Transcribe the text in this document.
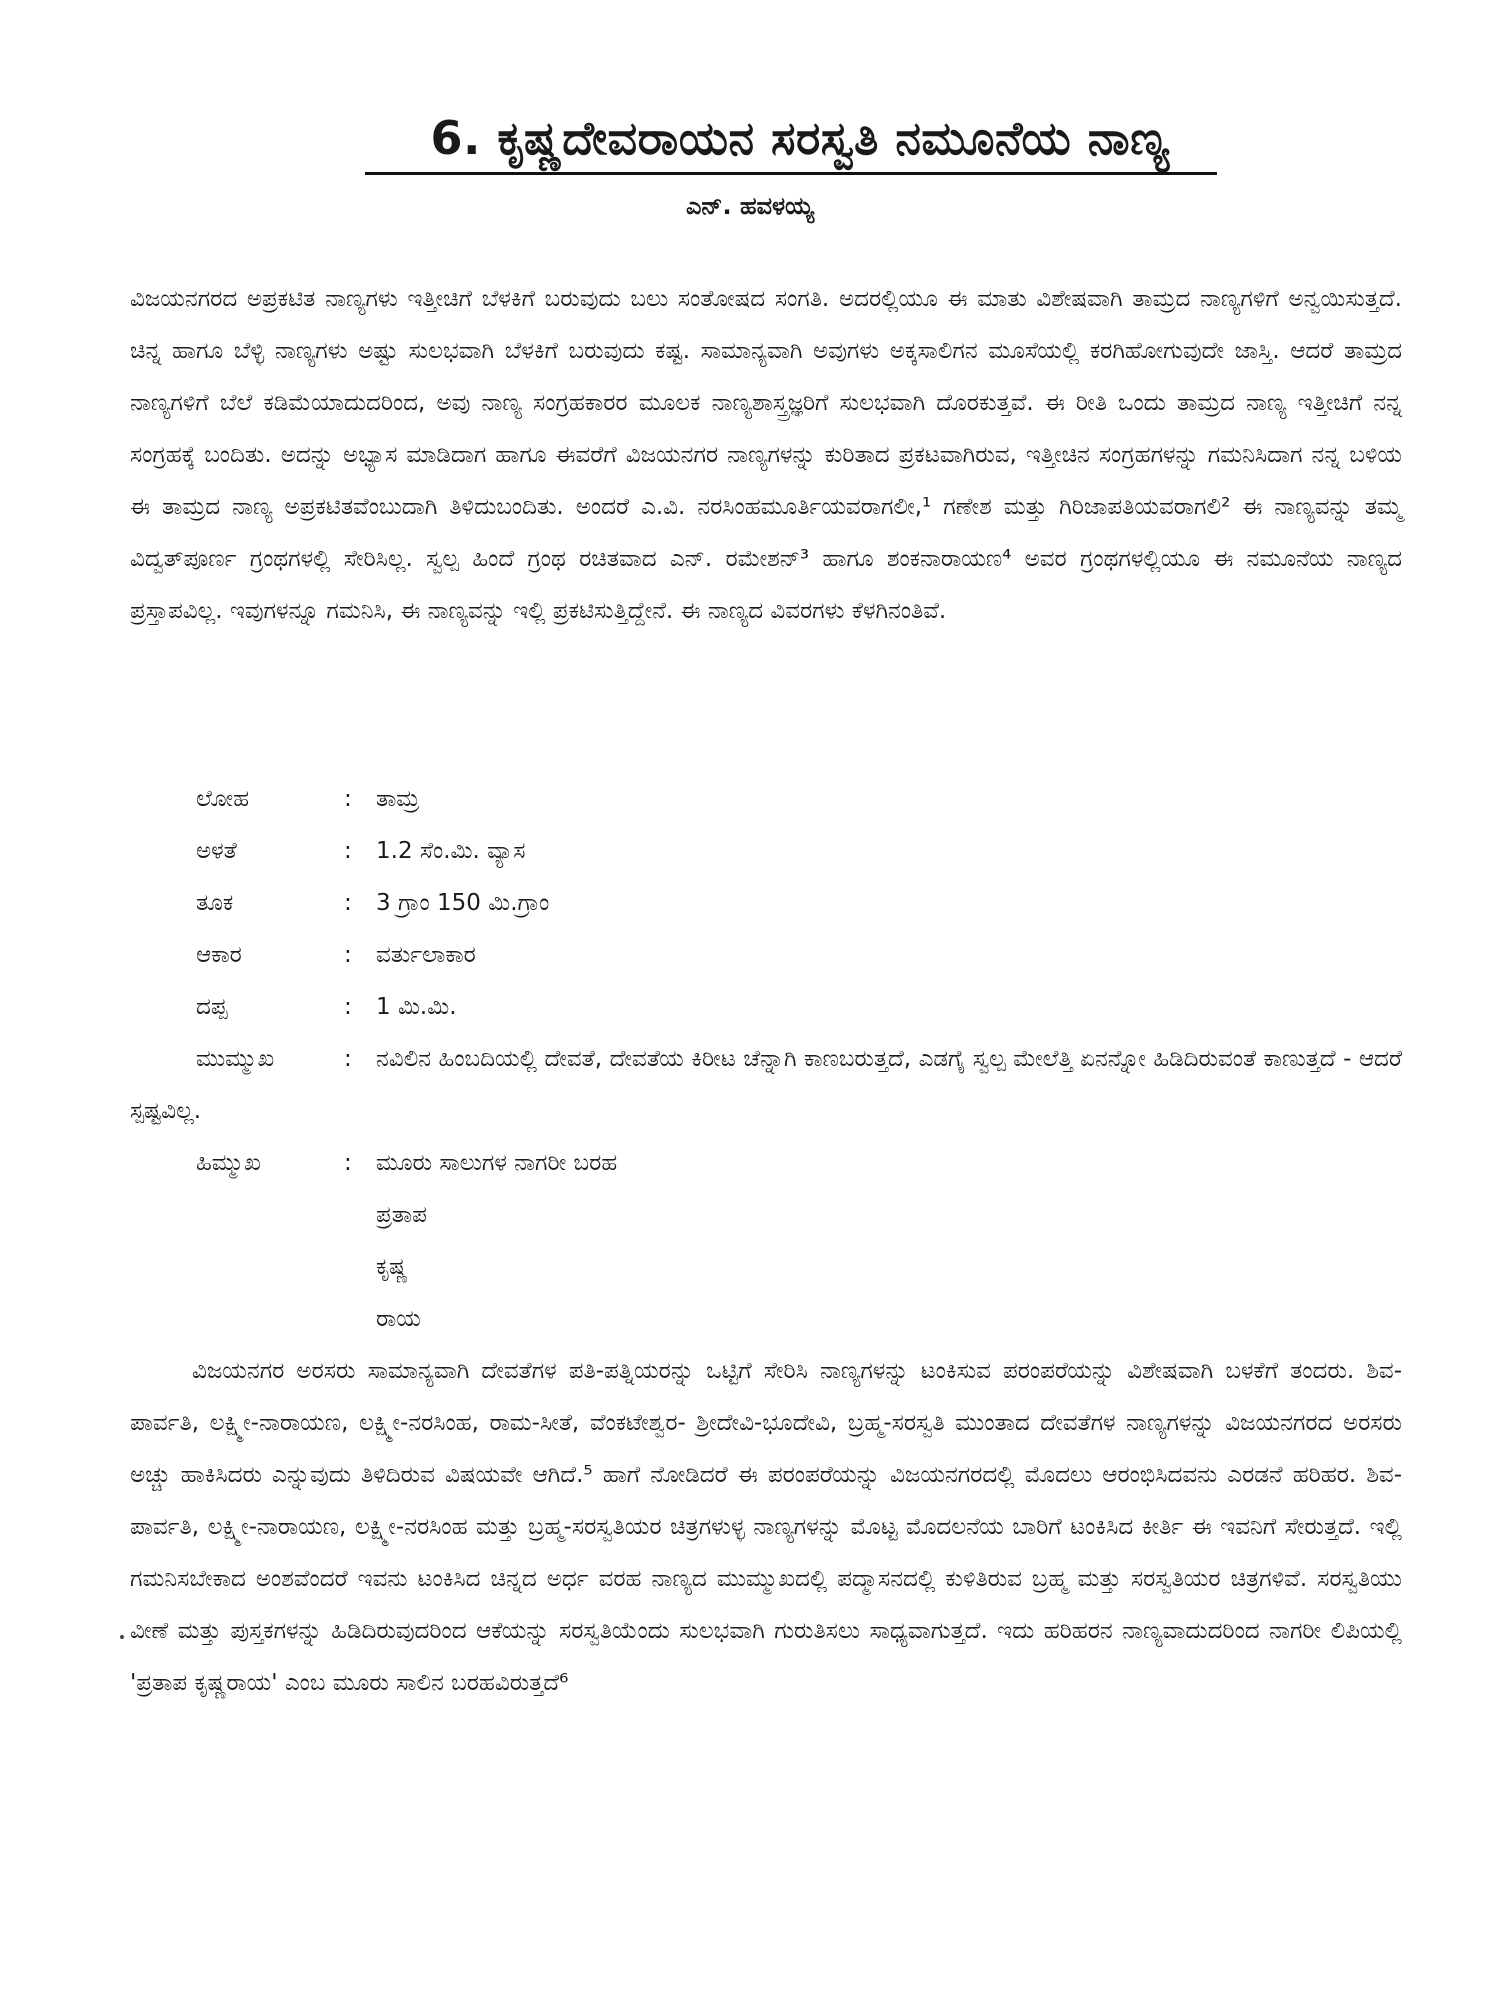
6. ಕೃಷ್ಣದೇವರಾಯನ ಸರಸ್ವತಿ ನಮೂನೆಯ ನಾಣ್ಯ
ಎನ್. ಹವಳಯ್ಯ

ವಿಜಯನಗರದ ಅಪ್ರಕಟಿತ ನಾಣ್ಯಗಳು ಇತ್ತೀಚಿಗೆ ಬೆಳಕಿಗೆ ಬರುವುದು ಬಲು ಸಂತೋಷದ ಸಂಗತಿ. ಅದರಲ್ಲಿಯೂ ಈ ಮಾತು ವಿಶೇಷವಾಗಿ ತಾಮ್ರದ ನಾಣ್ಯಗಳಿಗೆ ಅನ್ವಯಿಸುತ್ತದೆ. ಚಿನ್ನ ಹಾಗೂ ಬೆಳ್ಳಿ ನಾಣ್ಯಗಳು ಅಷ್ಟು ಸುಲಭವಾಗಿ ಬೆಳಕಿಗೆ ಬರುವುದು ಕಷ್ಟ. ಸಾಮಾನ್ಯವಾಗಿ ಅವುಗಳು ಅಕ್ಕಸಾಲಿಗನ ಮೂಸೆಯಲ್ಲಿ ಕರಗಿಹೋಗುವುದೇ ಜಾಸ್ತಿ. ಆದರೆ ತಾಮ್ರದ ನಾಣ್ಯಗಳಿಗೆ ಬೆಲೆ ಕಡಿಮೆಯಾದುದರಿಂದ, ಅವು ನಾಣ್ಯ ಸಂಗ್ರಹಕಾರರ ಮೂಲಕ ನಾಣ್ಯಶಾಸ್ತ್ರಜ್ಞರಿಗೆ ಸುಲಭವಾಗಿ ದೊರಕುತ್ತವೆ. ಈ ರೀತಿ ಒಂದು ತಾಮ್ರದ ನಾಣ್ಯ ಇತ್ತೀಚಿಗೆ ನನ್ನ ಸಂಗ್ರಹಕ್ಕೆ ಬಂದಿತು. ಅದನ್ನು ಅಭ್ಯಾಸ ಮಾಡಿದಾಗ ಹಾಗೂ ಈವರೆಗೆ ವಿಜಯನಗರ ನಾಣ್ಯಗಳನ್ನು ಕುರಿತಾದ ಪ್ರಕಟವಾಗಿರುವ, ಇತ್ತೀಚಿನ ಸಂಗ್ರಹಗಳನ್ನು ಗಮನಿಸಿದಾಗ ನನ್ನ ಬಳಿಯ ಈ ತಾಮ್ರದ ನಾಣ್ಯ ಅಪ್ರಕಟಿತವೆಂಬುದಾಗಿ ತಿಳಿದುಬಂದಿತು. ಅಂದರೆ ಎ.ವಿ. ನರಸಿಂಹಮೂರ್ತಿಯವರಾಗಲೀ,¹ ಗಣೇಶ ಮತ್ತು ಗಿರಿಜಾಪತಿಯವರಾಗಲಿ² ಈ ನಾಣ್ಯವನ್ನು ತಮ್ಮ ವಿದ್ವತ್‌ಪೂರ್ಣ ಗ್ರಂಥಗಳಲ್ಲಿ ಸೇರಿಸಿಲ್ಲ. ಸ್ವಲ್ಪ ಹಿಂದೆ ಗ್ರಂಥ ರಚಿತವಾದ ಎನ್. ರಮೇಶನ್³ ಹಾಗೂ ಶಂಕನಾರಾಯಣ⁴ ಅವರ ಗ್ರಂಥಗಳಲ್ಲಿಯೂ ಈ ನಮೂನೆಯ ನಾಣ್ಯದ ಪ್ರಸ್ತಾಪವಿಲ್ಲ. ಇವುಗಳನ್ನೂ ಗಮನಿಸಿ, ಈ ನಾಣ್ಯವನ್ನು ಇಲ್ಲಿ ಪ್ರಕಟಿಸುತ್ತಿದ್ದೇನೆ. ಈ ನಾಣ್ಯದ ವಿವರಗಳು ಕೆಳಗಿನಂತಿವೆ.

ಲೋಹ	:	ತಾಮ್ರ
ಅಳತೆ	:	1.2 ಸೆಂ.ಮಿ. ವ್ಯಾಸ
ತೂಕ	:	3 ಗ್ರಾಂ 150 ಮಿ.ಗ್ರಾಂ
ಆಕಾರ	:	ವರ್ತುಲಾಕಾರ
ದಪ್ಪ	:	1 ಮಿ.ಮಿ.
ಮುಮ್ಮುಖ	: ನವಿಲಿನ ಹಿಂಬದಿಯಲ್ಲಿ ದೇವತೆ, ದೇವತೆಯ ಕಿರೀಟ ಚೆನ್ನಾಗಿ ಕಾಣಬರುತ್ತದೆ, ಎಡಗೈ ಸ್ವಲ್ಪ ಮೇಲೆತ್ತಿ ಏನನ್ನೋ ಹಿಡಿದಿರುವಂತೆ ಕಾಣುತ್ತದೆ - ಆದರೆ ಸ್ಪಷ್ಟವಿಲ್ಲ.
ಹಿಮ್ಮುಖ	:	ಮೂರು ಸಾಲುಗಳ ನಾಗರೀ ಬರಹ
ಪ್ರತಾಪ
ಕೃಷ್ಣ
ರಾಯ

ವಿಜಯನಗರ ಅರಸರು ಸಾಮಾನ್ಯವಾಗಿ ದೇವತೆಗಳ ಪತಿ-ಪತ್ನಿಯರನ್ನು ಒಟ್ಟಿಗೆ ಸೇರಿಸಿ ನಾಣ್ಯಗಳನ್ನು ಟಂಕಿಸುವ ಪರಂಪರೆಯನ್ನು ವಿಶೇಷವಾಗಿ ಬಳಕೆಗೆ ತಂದರು. ಶಿವ-ಪಾರ್ವತಿ, ಲಕ್ಷ್ಮೀ-ನಾರಾಯಣ, ಲಕ್ಷ್ಮೀ-ನರಸಿಂಹ, ರಾಮ-ಸೀತೆ, ವೆಂಕಟೇಶ್ವರ- ಶ್ರೀದೇವಿ-ಭೂದೇವಿ, ಬ್ರಹ್ಮ-ಸರಸ್ವತಿ ಮುಂತಾದ ದೇವತೆಗಳ ನಾಣ್ಯಗಳನ್ನು ವಿಜಯನಗರದ ಅರಸರು ಅಚ್ಚು ಹಾಕಿಸಿದರು ಎನ್ನುವುದು ತಿಳಿದಿರುವ ವಿಷಯವೇ ಆಗಿದೆ.⁵ ಹಾಗೆ ನೋಡಿದರೆ ಈ ಪರಂಪರೆಯನ್ನು ವಿಜಯನಗರದಲ್ಲಿ ಮೊದಲು ಆರಂಭಿಸಿದವನು ಎರಡನೆ ಹರಿಹರ. ಶಿವ-ಪಾರ್ವತಿ, ಲಕ್ಷ್ಮೀ-ನಾರಾಯಣ, ಲಕ್ಷ್ಮೀ-ನರಸಿಂಹ ಮತ್ತು ಬ್ರಹ್ಮ-ಸರಸ್ವತಿಯರ ಚಿತ್ರಗಳುಳ್ಳ ನಾಣ್ಯಗಳನ್ನು ಮೊಟ್ಟ ಮೊದಲನೆಯ ಬಾರಿಗೆ ಟಂಕಿಸಿದ ಕೀರ್ತಿ ಈ ಇವನಿಗೆ ಸೇರುತ್ತದೆ. ಇಲ್ಲಿ ಗಮನಿಸಬೇಕಾದ ಅಂಶವೆಂದರೆ ಇವನು ಟಂಕಿಸಿದ ಚಿನ್ನದ ಅರ್ಧ ವರಹ ನಾಣ್ಯದ ಮುಮ್ಮುಖದಲ್ಲಿ ಪದ್ಮಾಸನದಲ್ಲಿ ಕುಳಿತಿರುವ ಬ್ರಹ್ಮ ಮತ್ತು ಸರಸ್ವತಿಯರ ಚಿತ್ರಗಳಿವೆ. ಸರಸ್ವತಿಯು ವೀಣೆ ಮತ್ತು ಪುಸ್ತಕಗಳನ್ನು ಹಿಡಿದಿರುವುದರಿಂದ ಆಕೆಯನ್ನು ಸರಸ್ವತಿಯೆಂದು ಸುಲಭವಾಗಿ ಗುರುತಿಸಲು ಸಾಧ್ಯವಾಗುತ್ತದೆ. ಇದು ಹರಿಹರನ ನಾಣ್ಯವಾದುದರಿಂದ ನಾಗರೀ ಲಿಪಿಯಲ್ಲಿ 'ಪ್ರತಾಪ ಕೃಷ್ಣರಾಯ' ಎಂಬ ಮೂರು ಸಾಲಿನ ಬರಹವಿರುತ್ತದೆ⁶
